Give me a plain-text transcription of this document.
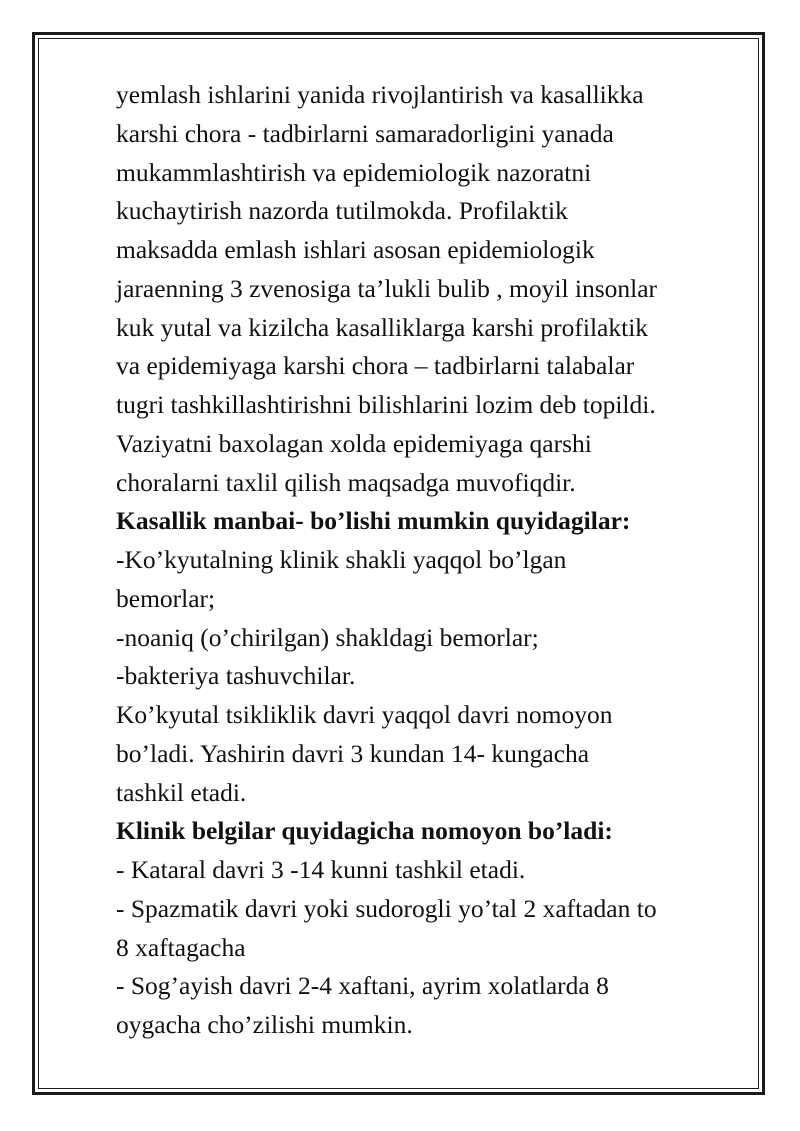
yemlash ishlarini yanida rivojlantirish va kasallikka
karshi chora - tadbirlarni samaradorligini yanada
mukammlashtirish va epidemiologik nazoratni
kuchaytirish nazorda tutilmokda. Profilaktik
maksadda emlash ishlari asosan epidemiologik
jaraenning 3 zvenosiga ta’lukli bulib , moyil insonlar
kuk yutal va kizilcha kasalliklarga karshi profilaktik
va epidemiyaga karshi chora – tadbirlarni talabalar
tugri tashkillashtirishni bilishlarini lozim deb topildi.
Vaziyatni baxolagan xolda epidemiyaga qarshi
choralarni taxlil qilish maqsadga muvofiqdir.
Kasallik manbai- bo’lishi mumkin quyidagilar:
-Ko’kyutalning klinik shakli yaqqol bo’lgan
bemorlar;
-noaniq (o’chirilgan) shakldagi bemorlar;
-bakteriya tashuvchilar.
Ko’kyutal tsikliklik davri yaqqol davri nomoyon
bo’ladi. Yashirin davri 3 kundan 14- kungacha
tashkil etadi.
Klinik belgilar quyidagicha nomoyon bo’ladi:
- Kataral davri 3 -14 kunni tashkil etadi.
- Spazmatik davri yoki sudorogli yo’tal 2 xaftadan to
8 xaftagacha
- Sog’ayish davri 2-4 xaftani, ayrim xolatlarda 8
oygacha cho’zilishi mumkin.
